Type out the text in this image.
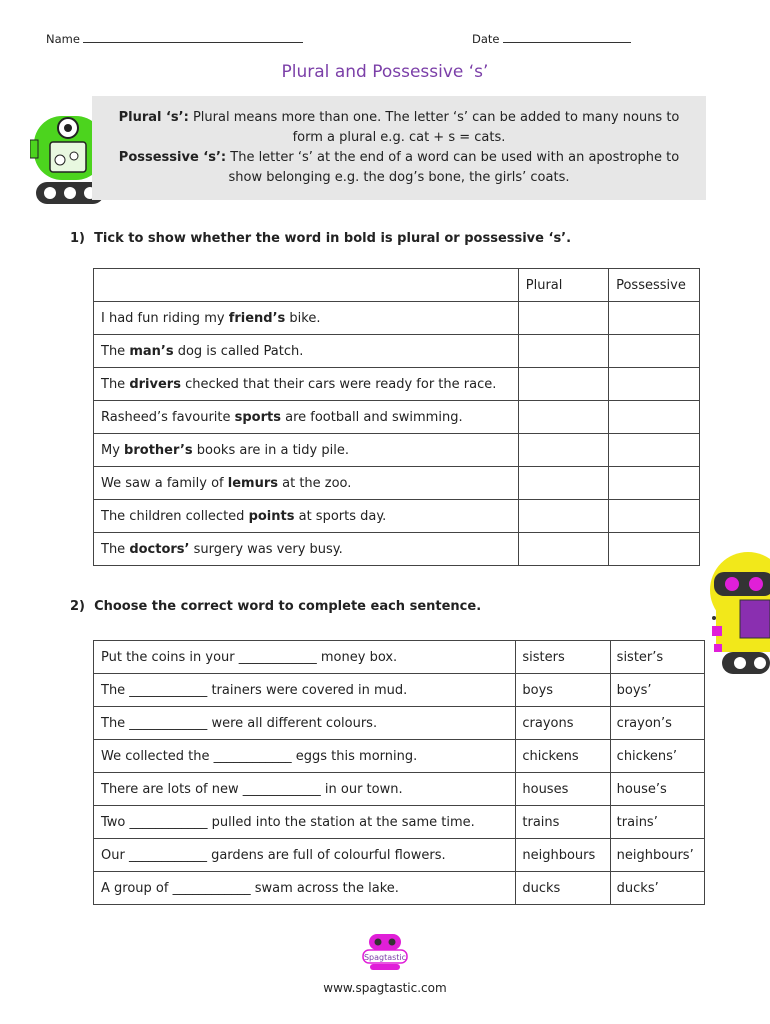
Name	Date
Plural and Possessive ‘s’
Plural ‘s’: Plural means more than one. The letter ‘s’ can be added to many nouns to
form a plural e.g. cat + s = cats.
Possessive ‘s’: The letter ‘s’ at the end of a word can be used with an apostrophe to
show belonging e.g. the dog’s bone, the girls’ coats.
1) Tick to show whether the word in bold is plural or possessive ‘s’.
	Plural	Possessive
I had fun riding my friend’s bike.		
The man’s dog is called Patch.		
The drivers checked that their cars were ready for the race.		
Rasheed’s favourite sports are football and swimming.		
My brother’s books are in a tidy pile.		
We saw a family of lemurs at the zoo.		
The children collected points at sports day.		
The doctors’ surgery was very busy.		
2) Choose the correct word to complete each sentence.
Put the coins in your ____________ money box.	sisters	sister’s
The ____________ trainers were covered in mud.	boys	boys’
The ____________ were all different colours.	crayons	crayon’s
We collected the ____________ eggs this morning.	chickens	chickens’
There are lots of new ____________ in our town.	houses	house’s
Two ____________ pulled into the station at the same time.	trains	trains’
Our ____________ gardens are full of colourful flowers.	neighbours	neighbours’
A group of ____________ swam across the lake.	ducks	ducks’
Spagtastic
www.spagtastic.com
